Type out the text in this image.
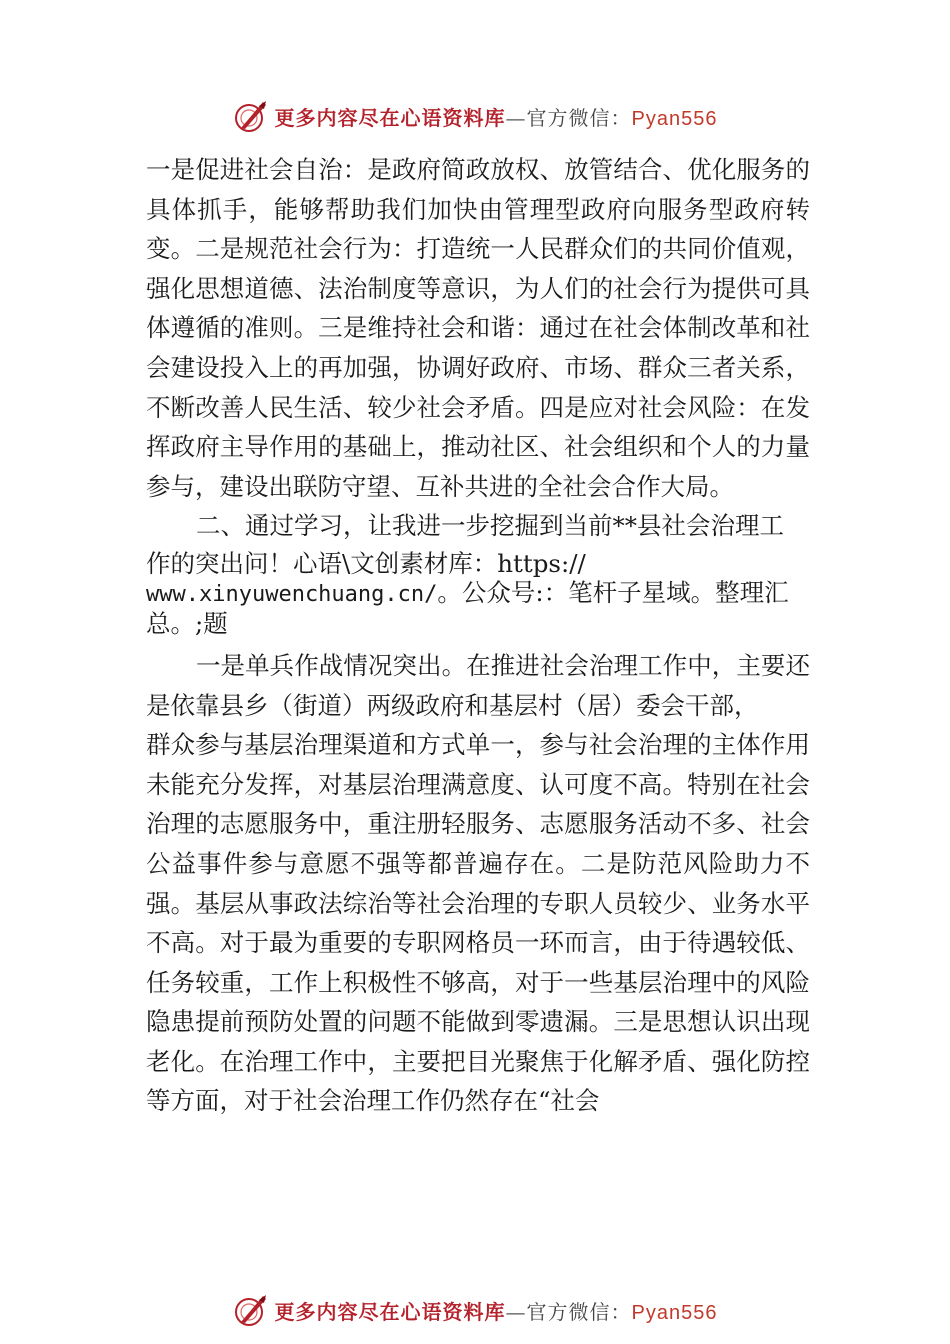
更多内容尽在心语资料库—官方微信：Pyan556

一是促进社会自治：是政府简政放权、放管结合、优化服务的具体抓手，能够帮助我们加快由管理型政府向服务型政府转变。二是规范社会行为：打造统一人民群众们的共同价值观，强化思想道德、法治制度等意识，为人们的社会行为提供可具体遵循的准则。三是维持社会和谐：通过在社会体制改革和社会建设投入上的再加强，协调好政府、市场、群众三者关系，不断改善人民生活、较少社会矛盾。四是应对社会风险：在发挥政府主导作用的基础上，推动社区、社会组织和个人的力量参与，建设出联防守望、互补共进的全社会合作大局。

二、通过学习，让我进一步挖掘到当前**县社会治理工

作的突出问！心语\文创素材库：https://
www.xinyuwenchuang.cn/。公众号:：笔杆子星域。整理汇
总。;题

一是单兵作战情况突出。在推进社会治理工作中，主要还是依靠县乡（街道）两级政府和基层村（居）委会干部，

群众参与基层治理渠道和方式单一，参与社会治理的主体作用未能充分发挥，对基层治理满意度、认可度不高。特别在社会治理的志愿服务中，重注册轻服务、志愿服务活动不多、社会公益事件参与意愿不强等都普遍存在。二是防范风险助力不强。基层从事政法综治等社会治理的专职人员较少、业务水平不高。对于最为重要的专职网格员一环而言，由于待遇较低、任务较重，工作上积极性不够高，对于一些基层治理中的风险隐患提前预防处置的问题不能做到零遗漏。三是思想认识出现老化。在治理工作中，主要把目光聚焦于化解矛盾、强化防控等方面，对于社会治理工作仍然存在“社会

更多内容尽在心语资料库—官方微信：Pyan556
